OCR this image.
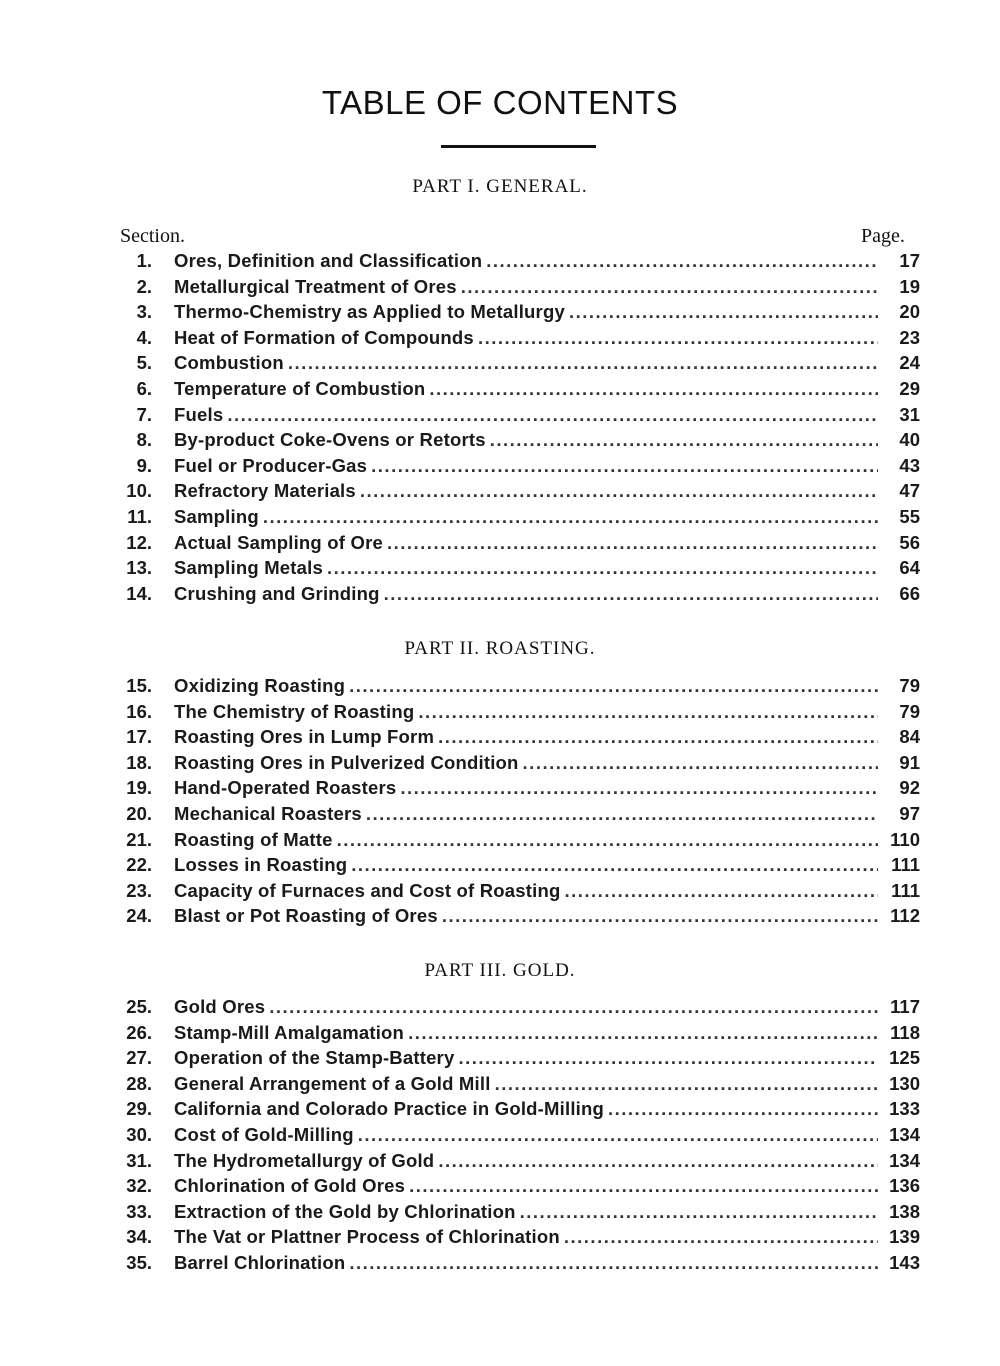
TABLE OF CONTENTS
PART I. GENERAL.
Section.	Page.
1. Ores, Definition and Classification .....	17
2. Metallurgical Treatment of Ores .....	19
3. Thermo-Chemistry as Applied to Metallurgy .....	20
4. Heat of Formation of Compounds .....	23
5. Combustion .....	24
6. Temperature of Combustion .....	29
7. Fuels .....	31
8. By-product Coke-Ovens or Retorts .....	40
9. Fuel or Producer-Gas .....	43
10. Refractory Materials .....	47
11. Sampling .....	55
12. Actual Sampling of Ore .....	56
13. Sampling Metals .....	64
14. Crushing and Grinding .....	66
PART II. ROASTING.
15. Oxidizing Roasting .....	79
16. The Chemistry of Roasting .....	79
17. Roasting Ores in Lump Form .....	84
18. Roasting Ores in Pulverized Condition .....	91
19. Hand-Operated Roasters .....	92
20. Mechanical Roasters .....	97
21. Roasting of Matte .....	110
22. Losses in Roasting .....	111
23. Capacity of Furnaces and Cost of Roasting .....	111
24. Blast or Pot Roasting of Ores .....	112
PART III. GOLD.
25. Gold Ores .....	117
26. Stamp-Mill Amalgamation .....	118
27. Operation of the Stamp-Battery .....	125
28. General Arrangement of a Gold Mill .....	130
29. California and Colorado Practice in Gold-Milling .....	133
30. Cost of Gold-Milling .....	134
31. The Hydrometallurgy of Gold .....	134
32. Chlorination of Gold Ores .....	136
33. Extraction of the Gold by Chlorination .....	138
34. The Vat or Plattner Process of Chlorination .....	139
35. Barrel Chlorination .....	143
